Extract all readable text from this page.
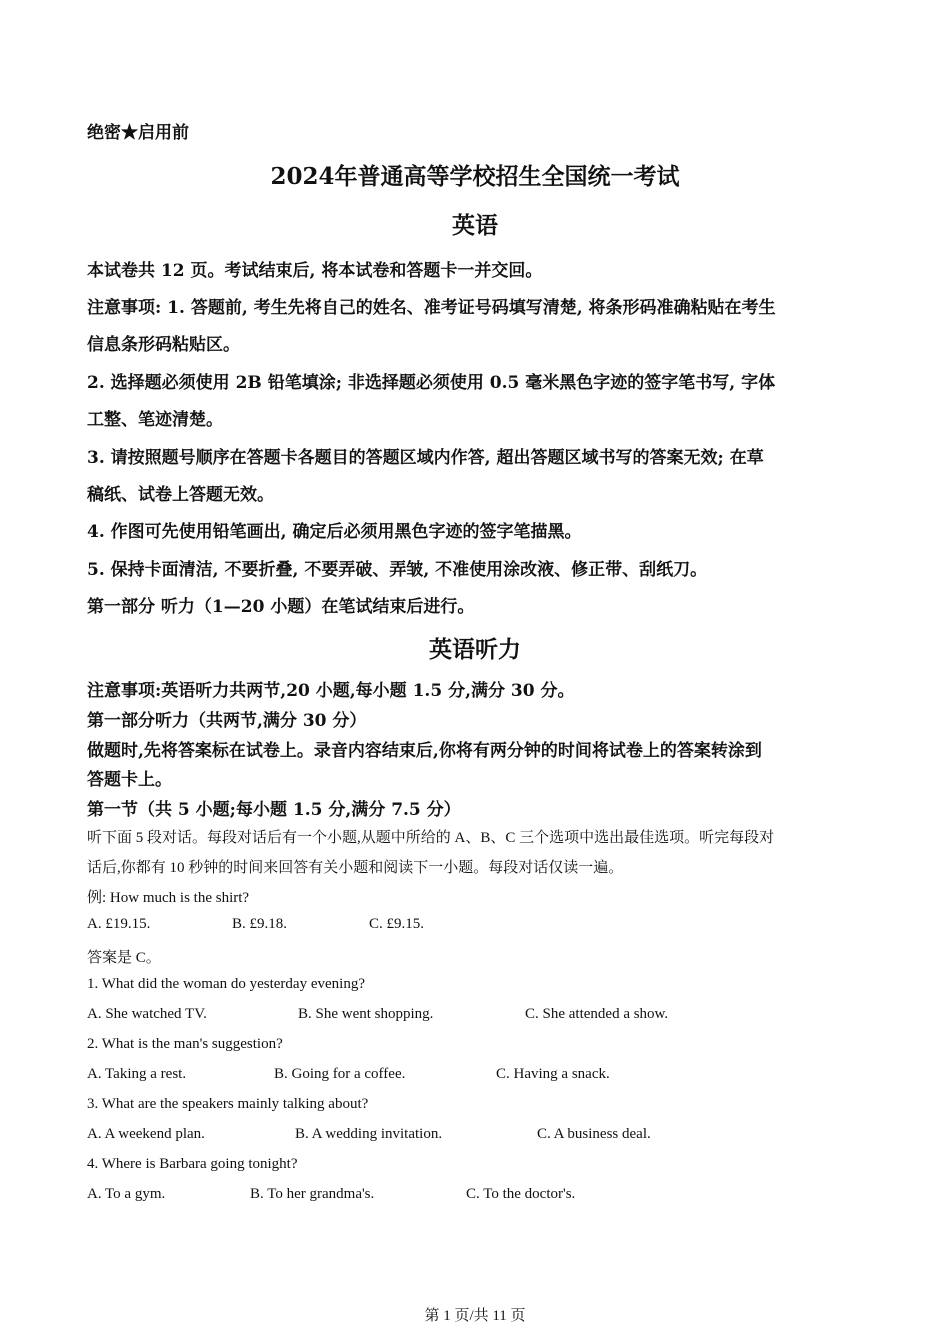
绝密★启用前
2024年普通高等学校招生全国统一考试
英语
本试卷共 12 页。考试结束后, 将本试卷和答题卡一并交回。
注意事项: 1. 答题前, 考生先将自己的姓名、准考证号码填写清楚, 将条形码准确粘贴在考生
信息条形码粘贴区。
2. 选择题必须使用 2B 铅笔填涂; 非选择题必须使用 0.5 毫米黑色字迹的签字笔书写, 字体
工整、笔迹清楚。
3. 请按照题号顺序在答题卡各题目的答题区域内作答, 超出答题区域书写的答案无效; 在草
稿纸、试卷上答题无效。
4. 作图可先使用铅笔画出, 确定后必须用黑色字迹的签字笔描黑。
5. 保持卡面清洁, 不要折叠, 不要弄破、弄皱, 不准使用涂改液、修正带、刮纸刀。
第一部分 听力（1—20 小题）在笔试结束后进行。
英语听力
注意事项:英语听力共两节,20 小题,每小题 1.5 分,满分 30 分。
第一部分听力（共两节,满分 30 分）
做题时,先将答案标在试卷上。录音内容结束后,你将有两分钟的时间将试卷上的答案转涂到
答题卡上。
第一节（共 5 小题;每小题 1.5 分,满分 7.5 分）
听下面 5 段对话。每段对话后有一个小题,从题中所给的 A、B、C 三个选项中选出最佳选项。听完每段对
话后,你都有 10 秒钟的时间来回答有关小题和阅读下一小题。每段对话仅读一遍。
例: How much is the shirt?
A. £19.15.	B. £9.18.	C. £9.15.
答案是 C。
1. What did the woman do yesterday evening?
A. She watched TV.	B. She went shopping.	C. She attended a show.
2. What is the man's suggestion?
A. Taking a rest.	B. Going for a coffee.	C. Having a snack.
3. What are the speakers mainly talking about?
A. A weekend plan.	B. A wedding invitation.	C. A business deal.
4. Where is Barbara going tonight?
A. To a gym.	B. To her grandma's.	C. To the doctor's.
第 1 页/共 11 页
